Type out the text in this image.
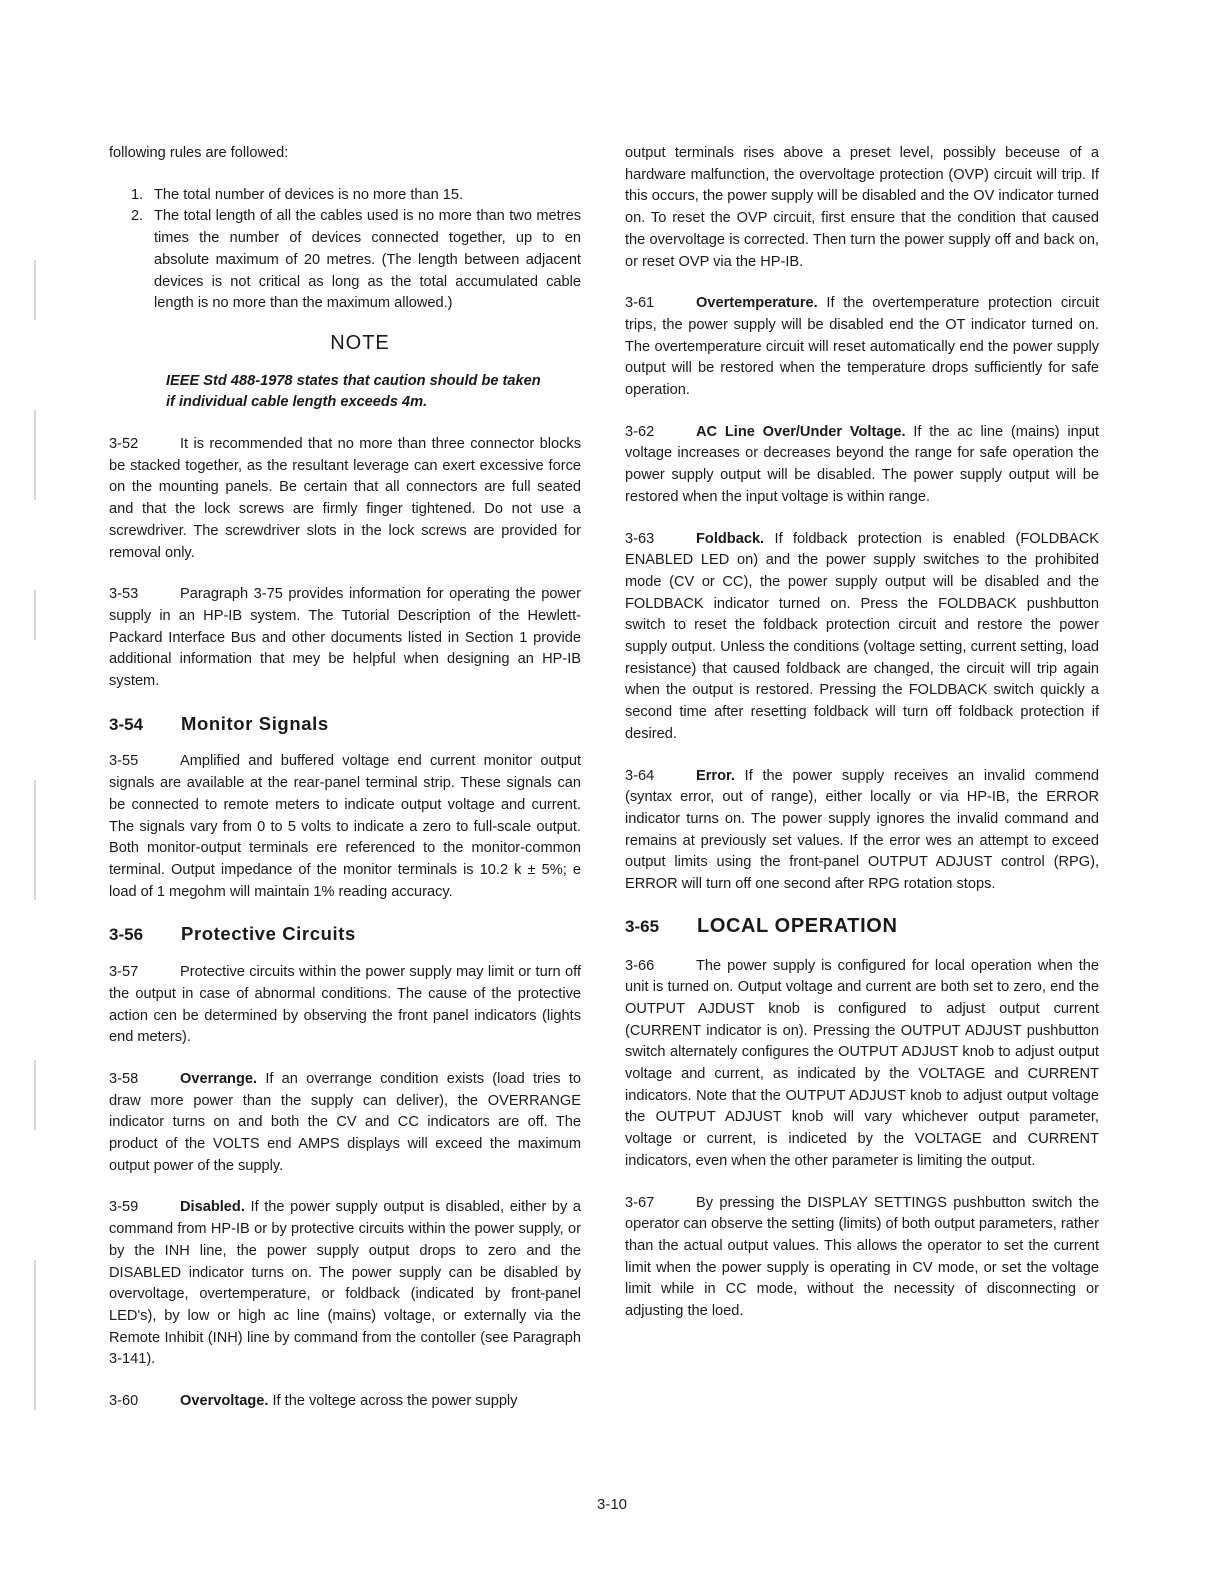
following rules are followed:

1. The total number of devices is no more than 15.
2. The total length of all the cables used is no more than two metres times the number of devices connected together, up to en absolute maximum of 20 metres. (The length between adjacent devices is not critical as long as the total accumulated cable length is no more than the maximum allowed.)
NOTE
IEEE Std 488-1978 states that caution should be taken if individual cable length exceeds 4m.

3-52	It is recommended that no more than three connector blocks be stacked together, as the resultant leverage can exert excessive force on the mounting panels. Be certain that all connectors are full seated and that the lock screws are firmly finger tightened. Do not use a screwdriver. The screwdriver slots in the lock screws are provided for removal only.

3-53	Paragraph 3-75 provides information for operating the power supply in an HP-IB system. The Tutorial Description of the Hewlett-Packard Interface Bus and other documents listed in Section 1 provide additional information that mey be helpful when designing an HP-IB system.

3-54 Monitor Signals

3-55	Amplified and buffered voltage end current monitor output signals are available at the rear-panel terminal strip. These signals can be connected to remote meters to indicate output voltage and current. The signals vary from 0 to 5 volts to indicate a zero to full-scale output. Both monitor-output terminals ere referenced to the monitor-common terminal. Output impedance of the monitor terminals is 10.2 k ± 5%; e load of 1 megohm will maintain 1% reading accuracy.

3-56 Protective Circuits

3-57	Protective circuits within the power supply may limit or turn off the output in case of abnormal conditions. The cause of the protective action cen be determined by observing the front panel indicators (lights end meters).

3-58	Overrange. If an overrange condition exists (load tries to draw more power than the supply can deliver), the OVERRANGE indicator turns on and both the CV and CC indicators are off. The product of the VOLTS end AMPS displays will exceed the maximum output power of the supply.

3-59	Disabled. If the power supply output is disabled, either by a command from HP-IB or by protective circuits within the power supply, or by the INH line, the power supply output drops to zero and the DISABLED indicator turns on. The power supply can be disabled by overvoltage, overtemperature, or foldback (indicated by front-panel LED's), by low or high ac line (mains) voltage, or externally via the Remote Inhibit (INH) line by command from the contoller (see Paragraph 3-141).

3-60	Overvoltage. If the voltege across the power supply

output terminals rises above a preset level, possibly beceuse of a hardware malfunction, the overvoltage protection (OVP) circuit will trip. If this occurs, the power supply will be disabled and the OV indicator turned on. To reset the OVP circuit, first ensure that the condition that caused the overvoltage is corrected. Then turn the power supply off and back on, or reset OVP via the HP-IB.

3-61	Overtemperature. If the overtemperature protection circuit trips, the power supply will be disabled end the OT indicator turned on. The overtemperature circuit will reset automatically end the power supply output will be restored when the temperature drops sufficiently for safe operation.

3-62	AC Line Over/Under Voltage. If the ac line (mains) input voltage increases or decreases beyond the range for safe operation the power supply output will be disabled. The power supply output will be restored when the input voltage is within range.

3-63	Foldback. If foldback protection is enabled (FOLDBACK ENABLED LED on) and the power supply switches to the prohibited mode (CV or CC), the power supply output will be disabled and the FOLDBACK indicator turned on. Press the FOLDBACK pushbutton switch to reset the foldback protection circuit and restore the power supply output. Unless the conditions (voltage setting, current setting, load resistance) that caused foldback are changed, the circuit will trip again when the output is restored. Pressing the FOLDBACK switch quickly a second time after resetting foldback will turn off foldback protection if desired.

3-64	Error. If the power supply receives an invalid commend (syntax error, out of range), either locally or via HP-IB, the ERROR indicator turns on. The power supply ignores the invalid command and remains at previously set values. If the error wes an attempt to exceed output limits using the front-panel OUTPUT ADJUST control (RPG), ERROR will turn off one second after RPG rotation stops.

3-65 LOCAL OPERATION

3-66	The power supply is configured for local operation when the unit is turned on. Output voltage and current are both set to zero, end the OUTPUT AJDUST knob is configured to adjust output current (CURRENT indicator is on). Pressing the OUTPUT ADJUST pushbutton switch alternately configures the OUTPUT ADJUST knob to adjust output voltage and current, as indicated by the VOLTAGE and CURRENT indicators. Note that the OUTPUT ADJUST knob to adjust output voltage the OUTPUT ADJUST knob will vary whichever output parameter, voltage or current, is indiceted by the VOLTAGE and CURRENT indicators, even when the other parameter is limiting the output.

3-67	By pressing the DISPLAY SETTINGS pushbutton switch the operator can observe the setting (limits) of both output parameters, rather than the actual output values. This allows the operator to set the current limit when the power supply is operating in CV mode, or set the voltage limit while in CC mode, without the necessity of disconnecting or adjusting the loed.

3-10
